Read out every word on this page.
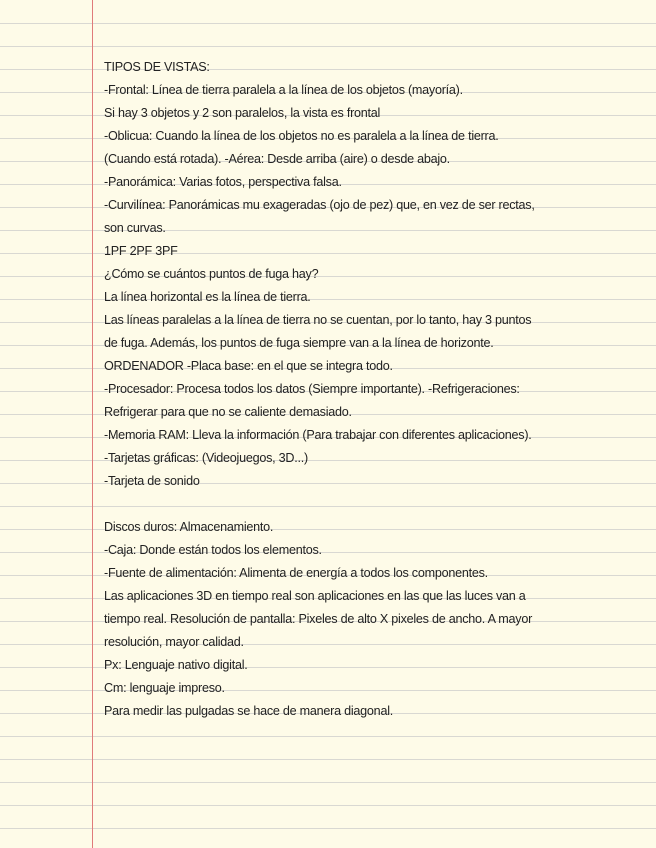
TIPOS DE VISTAS:
-Frontal: Línea de tierra paralela a la línea de los objetos (mayoría).
Si hay 3 objetos y 2 son paralelos, la vista es frontal
-Oblicua: Cuando la línea de los objetos no es paralela a la línea de tierra.
(Cuando está rotada). -Aérea: Desde arriba (aire) o desde abajo.
-Panorámica: Varias fotos, perspectiva falsa.
-Curvilínea: Panorámicas mu exageradas (ojo de pez) que, en vez de ser rectas,
son curvas.
1PF 2PF 3PF
¿Cómo se cuántos puntos de fuga hay?
La línea horizontal es la línea de tierra.
Las líneas paralelas a la línea de tierra no se cuentan, por lo tanto, hay 3 puntos
de fuga. Además, los puntos de fuga siempre van a la línea de horizonte.
ORDENADOR -Placa base: en el que se integra todo.
-Procesador: Procesa todos los datos (Siempre importante). -Refrigeraciones:
Refrigerar para que no se caliente demasiado.
-Memoria RAM: Lleva la información (Para trabajar con diferentes aplicaciones).
-Tarjetas gráficas: (Videojuegos, 3D...)
-Tarjeta de sonido
Discos duros: Almacenamiento.
-Caja: Donde están todos los elementos.
-Fuente de alimentación: Alimenta de energía a todos los componentes.
Las aplicaciones 3D en tiempo real son aplicaciones en las que las luces van a
tiempo real. Resolución de pantalla: Pixeles de alto X pixeles de ancho. A mayor
resolución, mayor calidad.
Px: Lenguaje nativo digital.
Cm: lenguaje impreso.
Para medir las pulgadas se hace de manera diagonal.
